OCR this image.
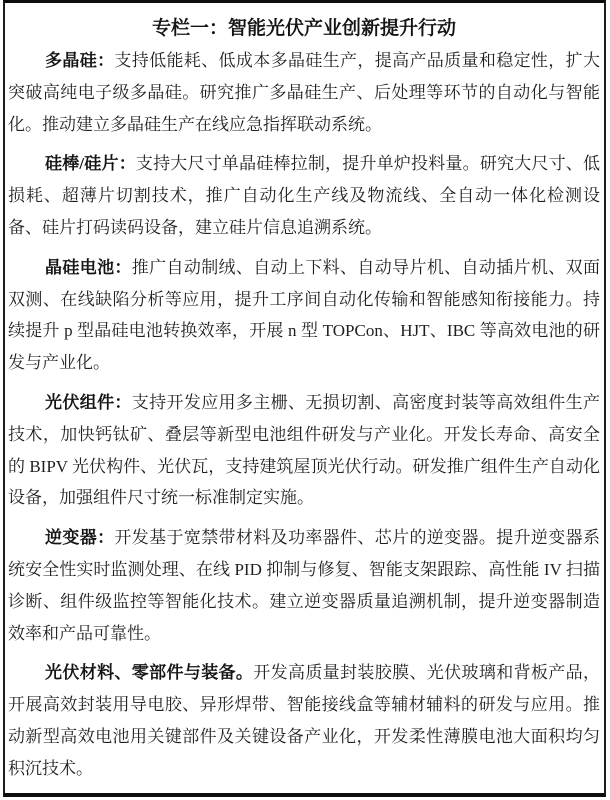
专栏一：智能光伏产业创新提升行动

多晶硅：支持低能耗、低成本多晶硅生产，提高产品质量和稳定性，扩大突破高纯电子级多晶硅。研究推广多晶硅生产、后处理等环节的自动化与智能化。推动建立多晶硅生产在线应急指挥联动系统。

硅棒/硅片：支持大尺寸单晶硅棒拉制，提升单炉投料量。研究大尺寸、低损耗、超薄片切割技术，推广自动化生产线及物流线、全自动一体化检测设备、硅片打码读码设备，建立硅片信息追溯系统。

晶硅电池：推广自动制绒、自动上下料、自动导片机、自动插片机、双面双测、在线缺陷分析等应用，提升工序间自动化传输和智能感知衔接能力。持续提升 p 型晶硅电池转换效率，开展 n 型 TOPCon、HJT、IBC 等高效电池的研发与产业化。

光伏组件：支持开发应用多主栅、无损切割、高密度封装等高效组件生产技术，加快钙钛矿、叠层等新型电池组件研发与产业化。开发长寿命、高安全的 BIPV 光伏构件、光伏瓦，支持建筑屋顶光伏行动。研发推广组件生产自动化设备，加强组件尺寸统一标准制定实施。

逆变器：开发基于宽禁带材料及功率器件、芯片的逆变器。提升逆变器系统安全性实时监测处理、在线 PID 抑制与修复、智能支架跟踪、高性能 IV 扫描诊断、组件级监控等智能化技术。建立逆变器质量追溯机制，提升逆变器制造效率和产品可靠性。

光伏材料、零部件与装备。开发高质量封装胶膜、光伏玻璃和背板产品，开展高效封装用导电胶、异形焊带、智能接线盒等辅材辅料的研发与应用。推动新型高效电池用关键部件及关键设备产业化，开发柔性薄膜电池大面积均匀积沉技术。
